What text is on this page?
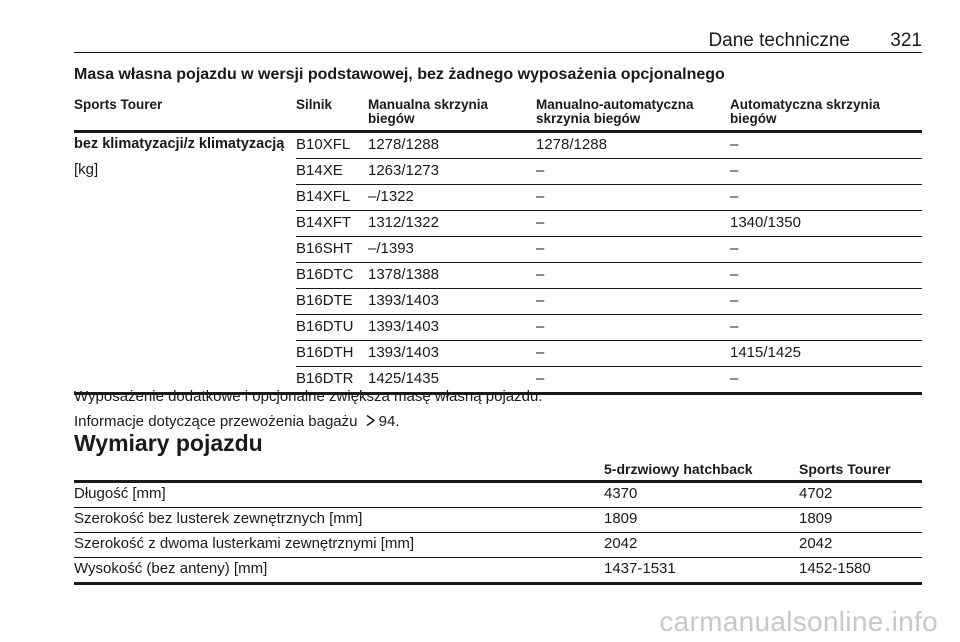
Dane techniczne 321
Masa własna pojazdu w wersji podstawowej, bez żadnego wyposażenia opcjonalnego
Sports Tourer	Silnik	Manualna skrzynia biegów	Manualno-automatyczna skrzynia biegów	Automatyczna skrzynia biegów

bez klimatyzacji/z klimatyzacją
[kg]	B10XFL	1278/1288	1278/1288	–
	B14XE	1263/1273	–	–
	B14XFL	–/1322	–	–
	B14XFT	1312/1322	–	1340/1350
	B16SHT	–/1393	–	–
	B16DTC	1378/1388	–	–
	B16DTE	1393/1403	–	–
	B16DTU	1393/1403	–	–
	B16DTH	1393/1403	–	1415/1425
	B16DTR	1425/1435	–	–
Wyposażenie dodatkowe i opcjonalne zwiększa masę własną pojazdu.
Informacje dotyczące przewożenia bagażu 94.
Wymiary pojazdu
	5-drzwiowy hatchback	Sports Tourer
Długość [mm]	4370	4702
Szerokość bez lusterek zewnętrznych [mm]	1809	1809
Szerokość z dwoma lusterkami zewnętrznymi [mm]	2042	2042
Wysokość (bez anteny) [mm]	1437-1531	1452-1580
carmanualsonline.info
